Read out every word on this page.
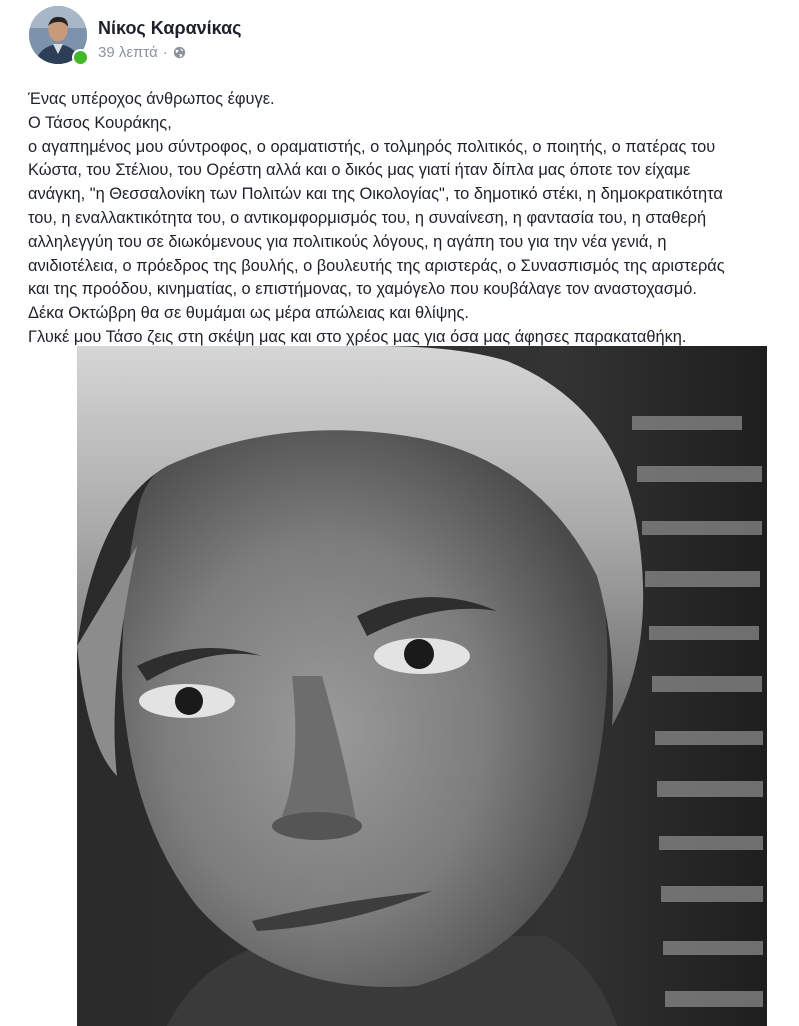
Νίκος Καρανίκας
39 λεπτά ·

Ένας υπέροχος άνθρωπος έφυγε.

Ο Τάσος Κουράκης,

ο αγαπημένος μου σύντροφος, ο οραματιστής, ο τολμηρός πολιτικός, ο ποιητής, ο πατέρας του

Κώστα, του Στέλιου, του Ορέστη αλλά και ο δικός μας γιατί ήταν δίπλα μας όποτε τον είχαμε

ανάγκη, "η Θεσσαλονίκη των Πολιτών και της Οικολογίας", το δημοτικό στέκι, η δημοκρατικότητα

του, η εναλλακτικότητα του, ο αντικομφορμισμός του, η συναίνεση, η φαντασία του, η σταθερή

αλληλεγγύη του σε διωκόμενους για πολιτικούς λόγους, η αγάπη του για την νέα γενιά, η

ανιδιοτέλεια, ο πρόεδρος της βουλής, ο βουλευτής της αριστεράς, ο Συνασπισμός της αριστεράς

και της προόδου, κινηματίας, ο επιστήμονας, το χαμόγελο που κουβάλαγε τον αναστοχασμό.

Δέκα Οκτώβρη θα σε θυμάμαι ως μέρα απώλειας και θλίψης.

Γλυκέ μου Τάσο ζεις στη σκέψη μας και στο χρέος μας για όσα μας άφησες παρακαταθήκη.
